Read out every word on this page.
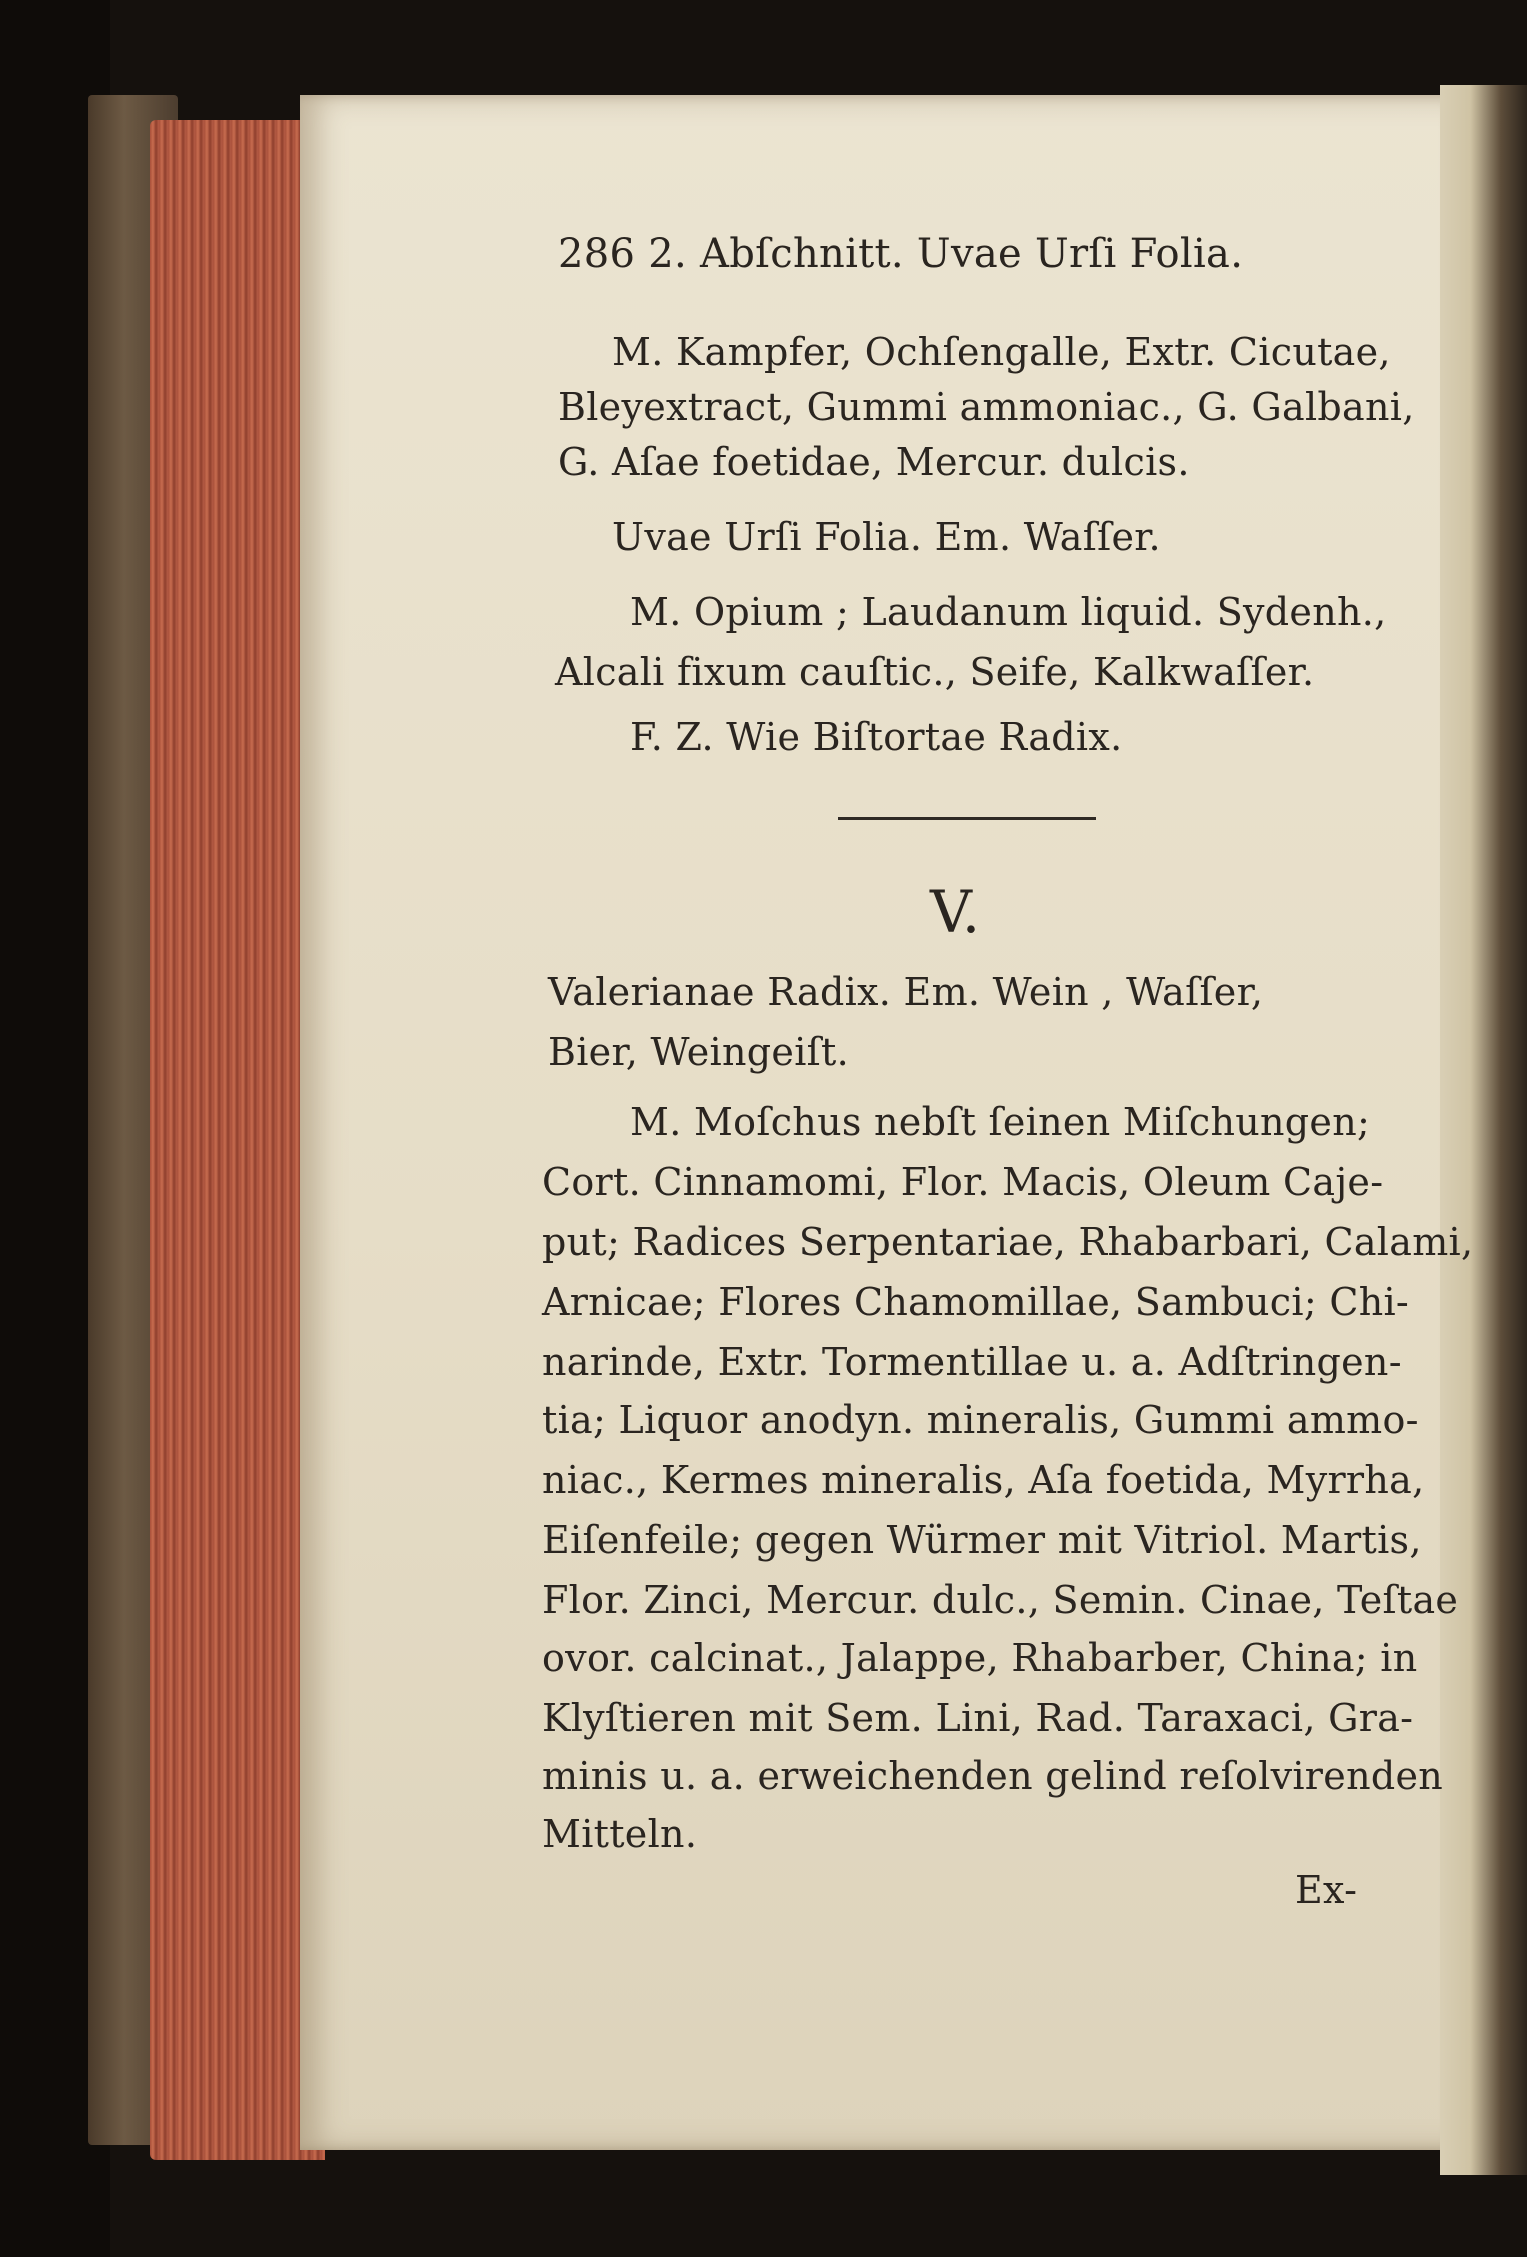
286 2. Abſchnitt. Uvae Urſi Folia.
M. Kampfer, Ochſengalle, Extr. Cicutae,
Bleyextract, Gummi ammoniac., G. Galbani,
G. Aſae foetidae, Mercur. dulcis.
Uvae Urſi Folia. Em. Waſſer.
M. Opium ; Laudanum liquid. Sydenh.,
Alcali fixum cauſtic., Seife, Kalkwaſſer.
F. Z. Wie Biſtortae Radix.
V.
Valerianae Radix. Em. Wein , Waſſer,
Bier, Weingeiſt.
M. Moſchus nebſt ſeinen Miſchungen;
Cort. Cinnamomi, Flor. Macis, Oleum Caje-
put; Radices Serpentariae, Rhabarbari, Calami,
Arnicae; Flores Chamomillae, Sambuci; Chi-
narinde, Extr. Tormentillae u. a. Adſtringen-
tia; Liquor anodyn. mineralis, Gummi ammo-
niac., Kermes mineralis, Aſa foetida, Myrrha,
Eiſenfeile; gegen Würmer mit Vitriol. Martis,
Flor. Zinci, Mercur. dulc., Semin. Cinae, Teſtae
ovor. calcinat., Jalappe, Rhabarber, China; in
Klyſtieren mit Sem. Lini, Rad. Taraxaci, Gra-
minis u. a. erweichenden gelind reſolvirenden
Mitteln.
Ex-
